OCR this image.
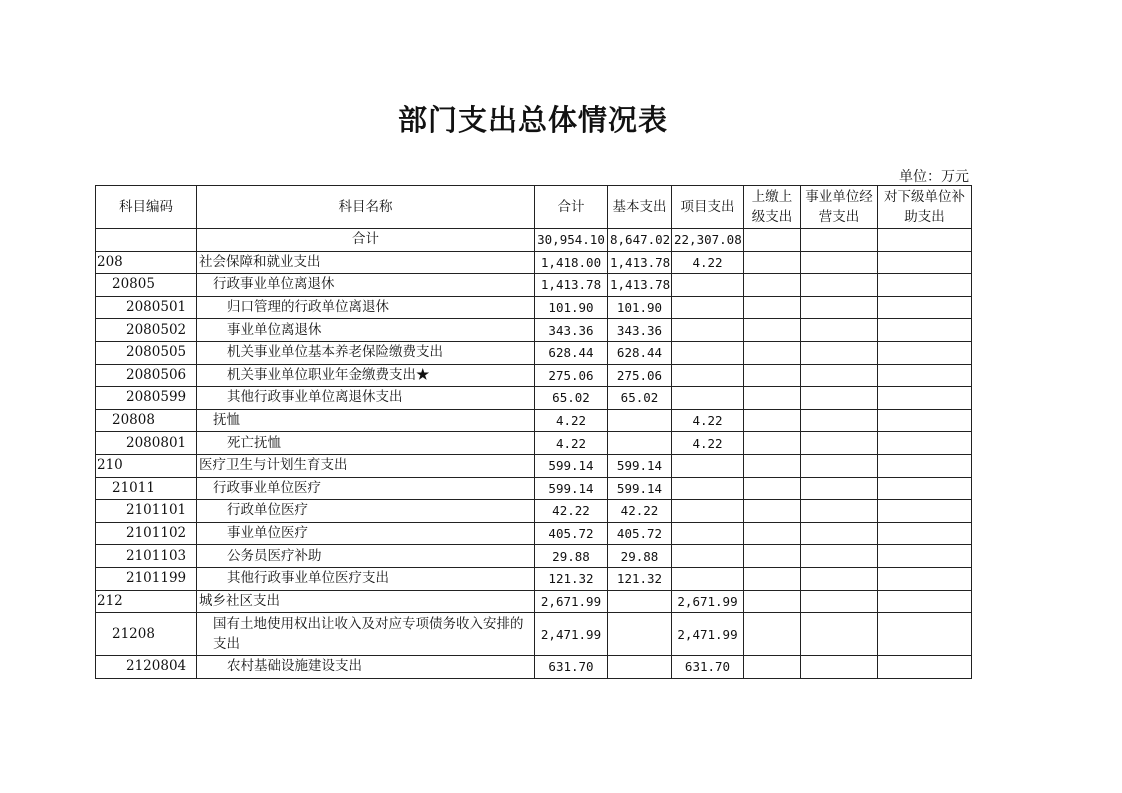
部门支出总体情况表
单位：万元
科目编码	科目名称	合计	基本支出	项目支出	上缴上级支出	事业单位经营支出	对下级单位补助支出
	合计	30,954.10	8,647.02	22,307.08			
208	社会保障和就业支出	1,418.00	1,413.78	4.22			
20805	行政事业单位离退休	1,413.78	1,413.78				
2080501	归口管理的行政单位离退休	101.90	101.90				
2080502	事业单位离退休	343.36	343.36				
2080505	机关事业单位基本养老保险缴费支出	628.44	628.44				
2080506	机关事业单位职业年金缴费支出★	275.06	275.06				
2080599	其他行政事业单位离退休支出	65.02	65.02				
20808	抚恤	4.22		4.22			
2080801	死亡抚恤	4.22		4.22			
210	医疗卫生与计划生育支出	599.14	599.14				
21011	行政事业单位医疗	599.14	599.14				
2101101	行政单位医疗	42.22	42.22				
2101102	事业单位医疗	405.72	405.72				
2101103	公务员医疗补助	29.88	29.88				
2101199	其他行政事业单位医疗支出	121.32	121.32				
212	城乡社区支出	2,671.99		2,671.99			
21208	国有土地使用权出让收入及对应专项债务收入安排的支出	2,471.99		2,471.99			
2120804	农村基础设施建设支出	631.70		631.70			
